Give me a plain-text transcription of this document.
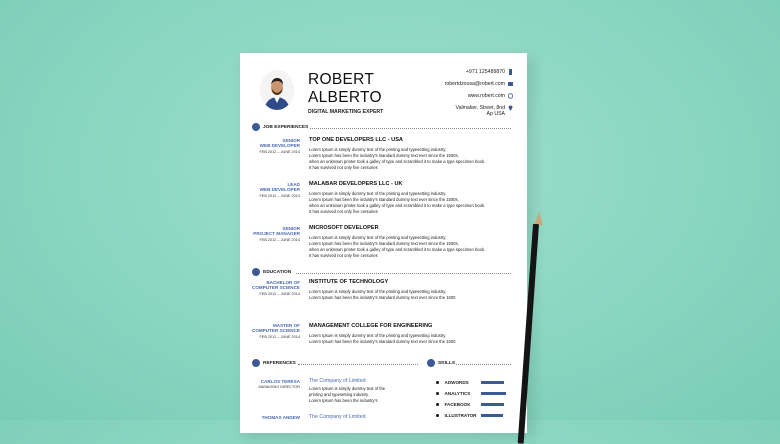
ROBERT
ALBERTO
DIGITAL MARKETING EXPERT
+971 125489870
robertdzousa@robert.com
www.robert.com
Valmaker, Street, 8nd
Ap USA
JOB EXPERIENCES
SENIOR
WEB DEVELOPER
FEB 2012 – JUNE 2014
TOP ONE DEVELOPERS LLC - USA
Lorem Ipsum is simply dummy text of the printing and typesetting industry.
Lorem Ipsum has been the industry's standard dummy text ever since the 1500s,
when an unknown printer took a galley of type and scrambled it to make a type specimen book.
It has survived not only five centuries
LEAD
WEB DEVELOPER
FEB 2012 – JUNE 2014
MALABAR DEVELOPERS LLC - UK
Lorem Ipsum is simply dummy text of the printing and typesetting industry.
Lorem Ipsum has been the industry's standard dummy text ever since the 1500s,
when an unknown printer took a galley of type and scrambled it to make a type specimen book.
It has survived not only five centuries
SENIOR
PROJECT MANAGER
FEB 2012 – JUNE 2014
MICROSOFT DEVELOPER
Lorem Ipsum is simply dummy text of the printing and typesetting industry.
Lorem Ipsum has been the industry's standard dummy text ever since the 1500s,
when an unknown printer took a galley of type and scrambled it to make a type specimen book.
It has survived not only five centuries
EDUCATION
BACHELOR OF
COMPUTER SCIENCE
FEB 2012 – JUNE 2014
INSTITUTE OF TECHNOLOGY
Lorem Ipsum is simply dummy text of the printing and typesetting industry.
Lorem Ipsum has been the industry's standard dummy text ever since the 1500
MASTER OF
COMPUTER SCIENCE
FEB 2012 – JUNE 2014
MANAGEMENT COLLEGE FOR ENGINEERING
Lorem Ipsum is simply dummy text of the printing and typesetting industry.
Lorem Ipsum has been the industry's standard dummy text ever since the 1500
REFERENCES	SKILLS
CARLOS TERESA
MANAGING DIRECTOR
The Company of Limited
Lorem Ipsum is simply dummy text of the
printing and typesetting industry.
Lorem Ipsum has been the industry's
THOMAS ANDEW The Company of Limited
ADWORDS
ANALYTICS
FACEBOOK
ILLUSTRATOR
